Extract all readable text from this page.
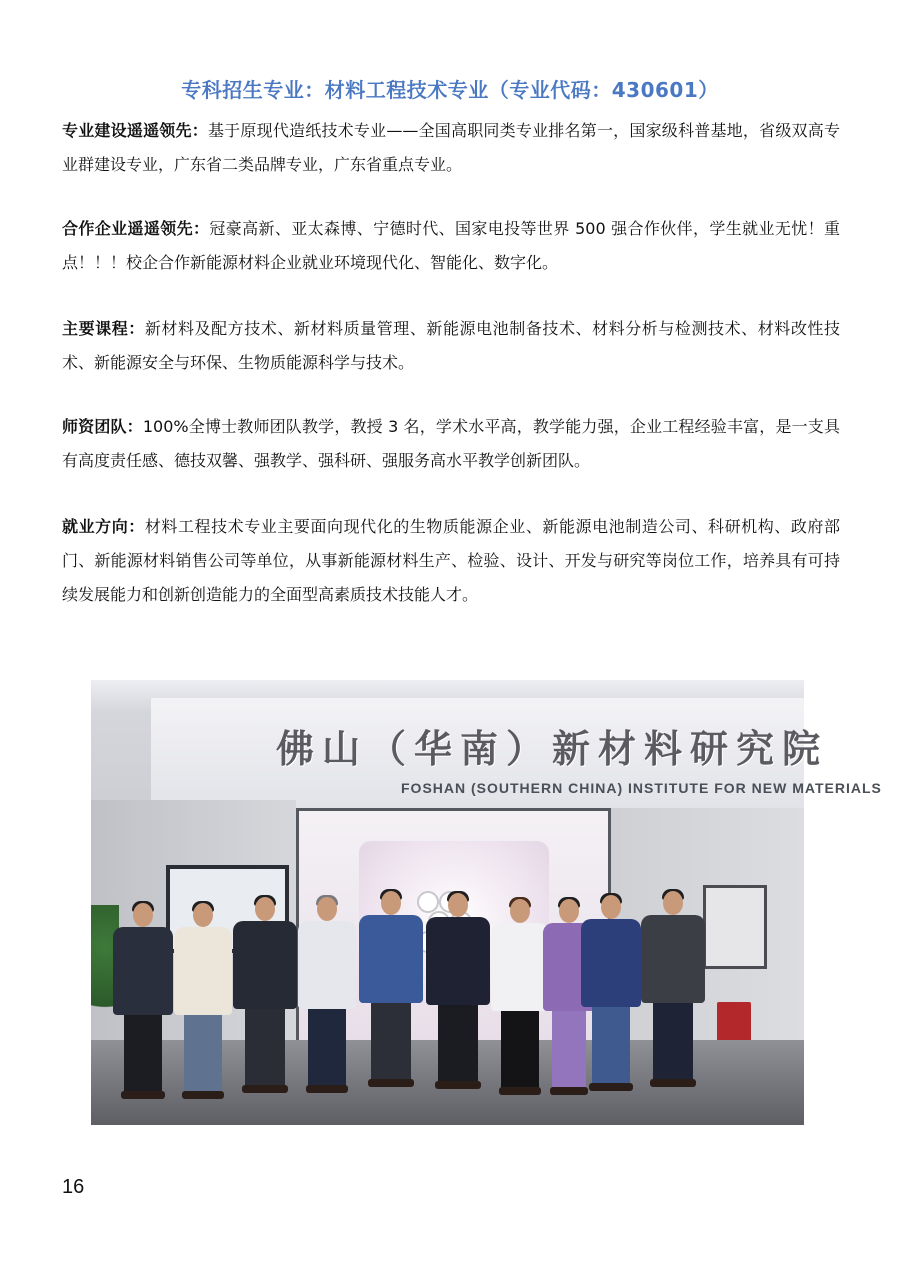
专科招生专业：材料工程技术专业（专业代码：430601）
专业建设遥遥领先：基于原现代造纸技术专业——全国高职同类专业排名第一，国家级科普基地，省级双高专业群建设专业，广东省二类品牌专业，广东省重点专业。
合作企业遥遥领先：冠豪高新、亚太森博、宁德时代、国家电投等世界 500 强合作伙伴，学生就业无忧！重点！！！校企合作新能源材料企业就业环境现代化、智能化、数字化。
主要课程：新材料及配方技术、新材料质量管理、新能源电池制备技术、材料分析与检测技术、材料改性技术、新能源安全与环保、生物质能源科学与技术。
师资团队：100%全博士教师团队教学，教授 3 名，学术水平高，教学能力强，企业工程经验丰富，是一支具有高度责任感、德技双馨、强教学、强科研、强服务高水平教学创新团队。
就业方向：材料工程技术专业主要面向现代化的生物质能源企业、新能源电池制造公司、科研机构、政府部门、新能源材料销售公司等单位，从事新能源材料生产、检验、设计、开发与研究等岗位工作，培养具有可持续发展能力和创新创造能力的全面型高素质技术技能人才。
佛山（华南）新材料研究院
FOSHAN (SOUTHERN CHINA) INSTITUTE FOR NEW MATERIALS
16
